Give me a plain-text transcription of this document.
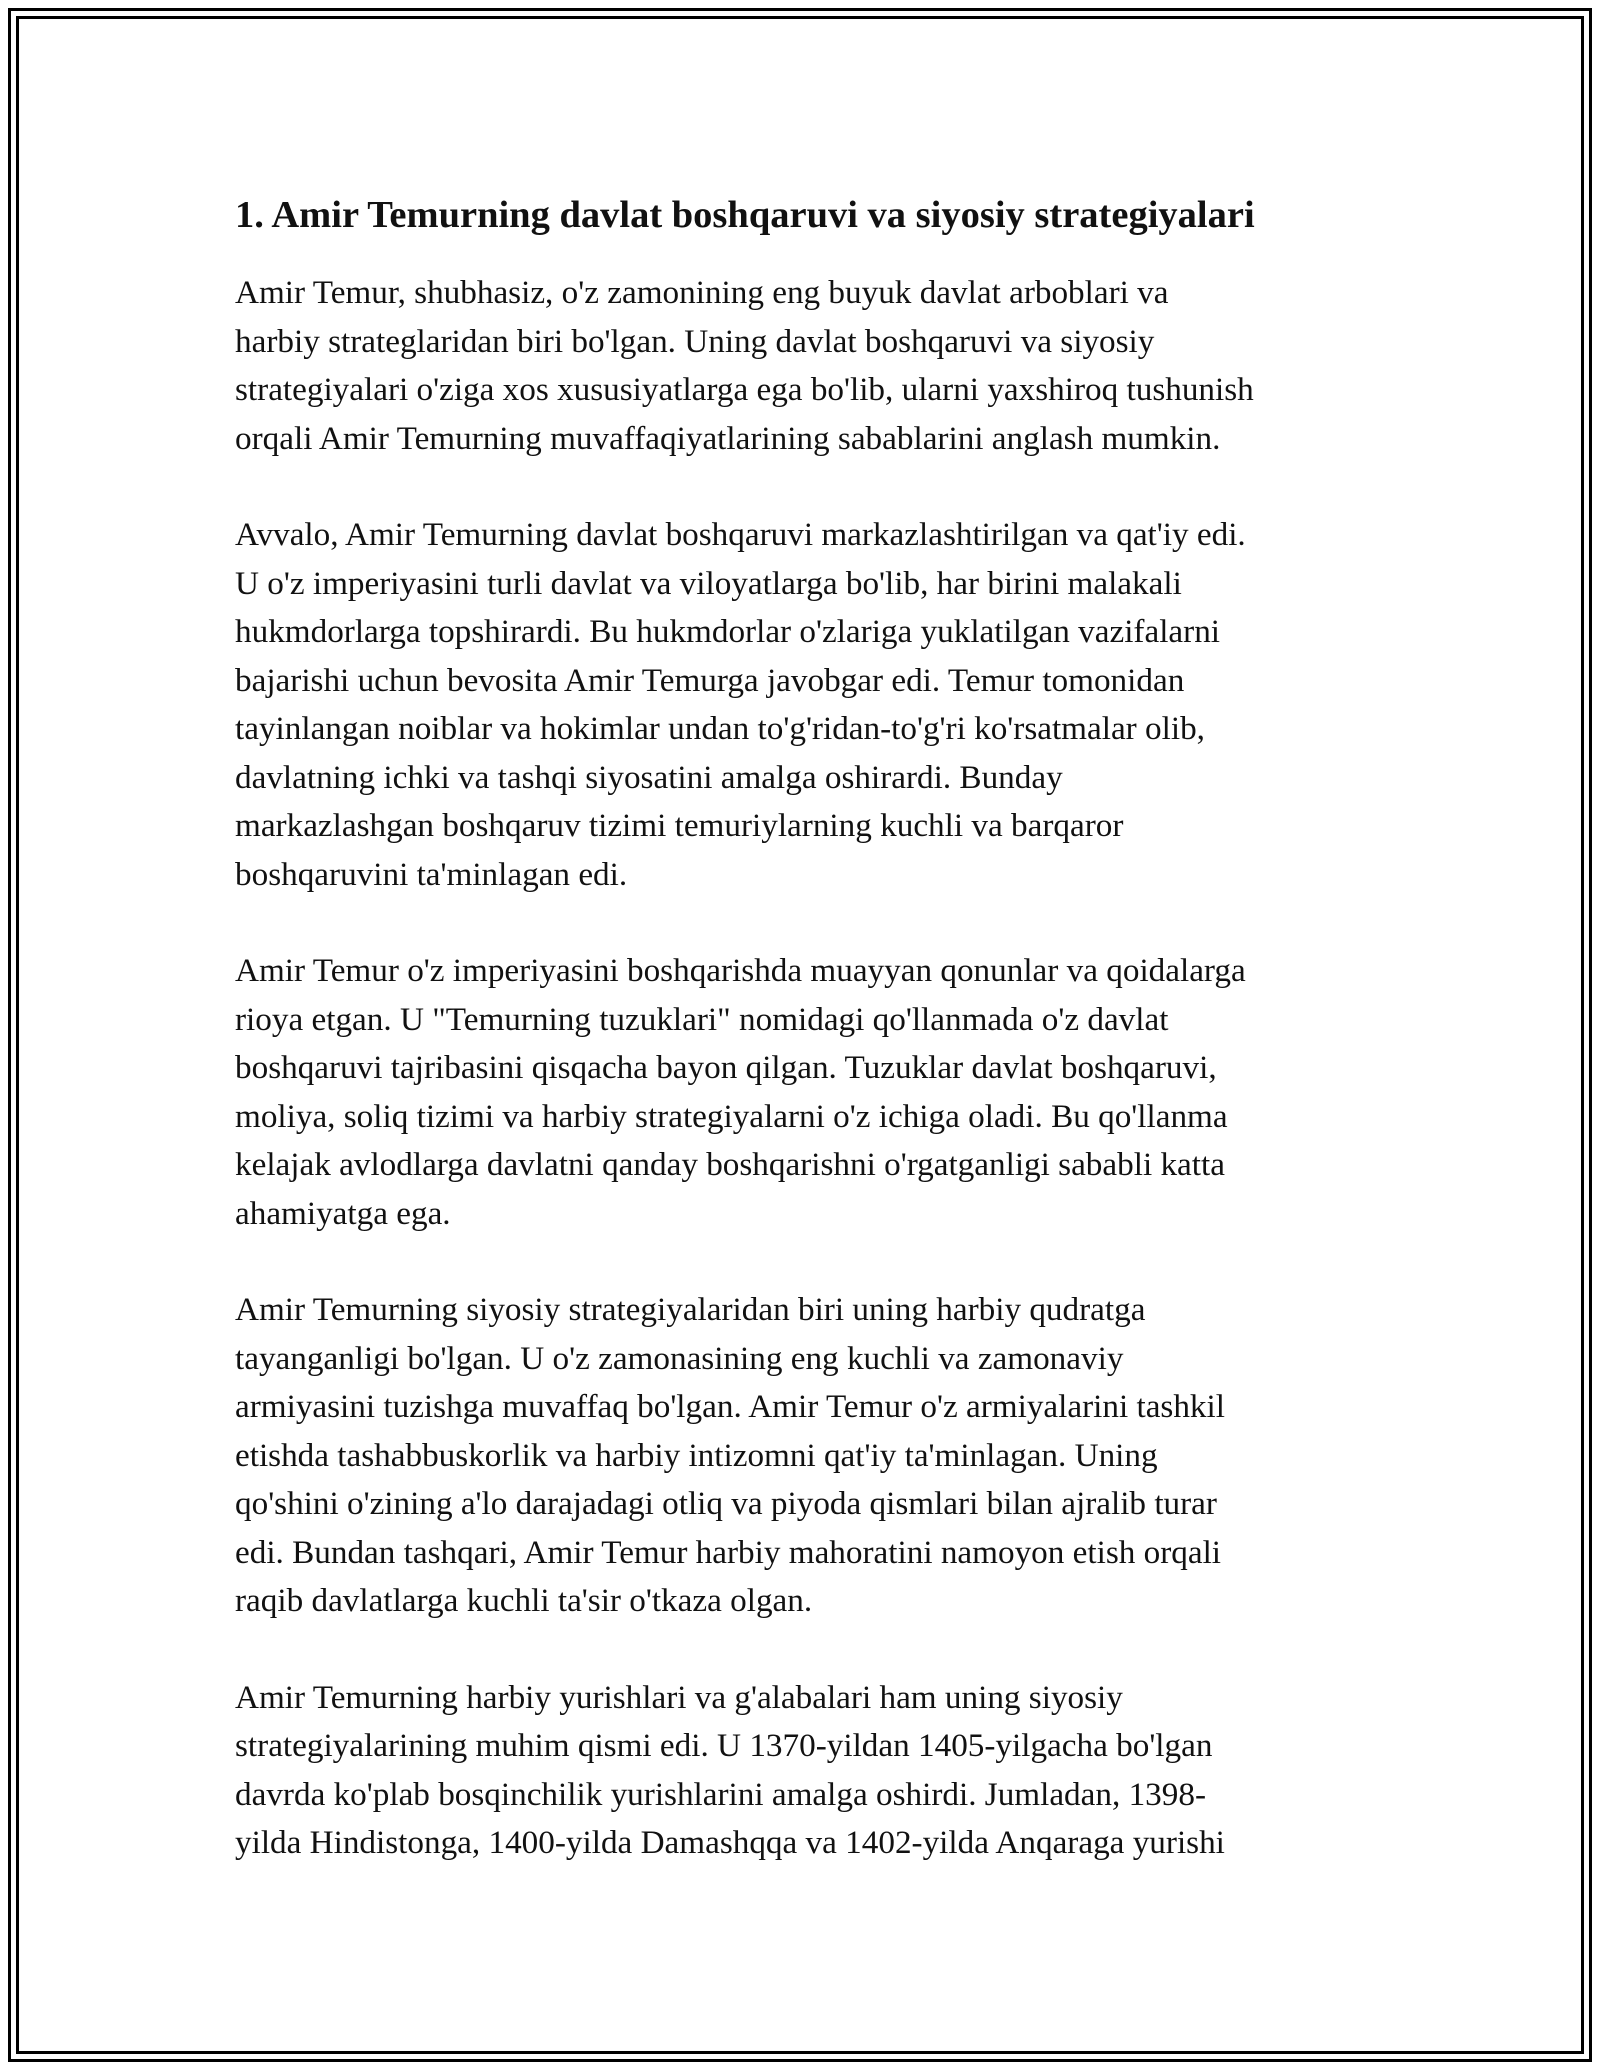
1. Amir Temurning davlat boshqaruvi va siyosiy strategiyalari

Amir Temur, shubhasiz, o'z zamonining eng buyuk davlat arboblari va
harbiy strateglaridan biri bo'lgan. Uning davlat boshqaruvi va siyosiy
strategiyalari o'ziga xos xususiyatlarga ega bo'lib, ularni yaxshiroq tushunish
orqali Amir Temurning muvaffaqiyatlarining sabablarini anglash mumkin.

Avvalo, Amir Temurning davlat boshqaruvi markazlashtirilgan va qat'iy edi.
U o'z imperiyasini turli davlat va viloyatlarga bo'lib, har birini malakali
hukmdorlarga topshirardi. Bu hukmdorlar o'zlariga yuklatilgan vazifalarni
bajarishi uchun bevosita Amir Temurga javobgar edi. Temur tomonidan
tayinlangan noiblar va hokimlar undan to'g'ridan-to'g'ri ko'rsatmalar olib,
davlatning ichki va tashqi siyosatini amalga oshirardi. Bunday
markazlashgan boshqaruv tizimi temuriylarning kuchli va barqaror
boshqaruvini ta'minlagan edi.

Amir Temur o'z imperiyasini boshqarishda muayyan qonunlar va qoidalarga
rioya etgan. U "Temurning tuzuklari" nomidagi qo'llanmada o'z davlat
boshqaruvi tajribasini qisqacha bayon qilgan. Tuzuklar davlat boshqaruvi,
moliya, soliq tizimi va harbiy strategiyalarni o'z ichiga oladi. Bu qo'llanma
kelajak avlodlarga davlatni qanday boshqarishni o'rgatganligi sababli katta
ahamiyatga ega.

Amir Temurning siyosiy strategiyalaridan biri uning harbiy qudratga
tayanganligi bo'lgan. U o'z zamonasining eng kuchli va zamonaviy
armiyasini tuzishga muvaffaq bo'lgan. Amir Temur o'z armiyalarini tashkil
etishda tashabbuskorlik va harbiy intizomni qat'iy ta'minlagan. Uning
qo'shini o'zining a'lo darajadagi otliq va piyoda qismlari bilan ajralib turar
edi. Bundan tashqari, Amir Temur harbiy mahoratini namoyon etish orqali
raqib davlatlarga kuchli ta'sir o'tkaza olgan.

Amir Temurning harbiy yurishlari va g'alabalari ham uning siyosiy
strategiyalarining muhim qismi edi. U 1370-yildan 1405-yilgacha bo'lgan
davrda ko'plab bosqinchilik yurishlarini amalga oshirdi. Jumladan, 1398-
yilda Hindistonga, 1400-yilda Damashqqa va 1402-yilda Anqaraga yurishi
